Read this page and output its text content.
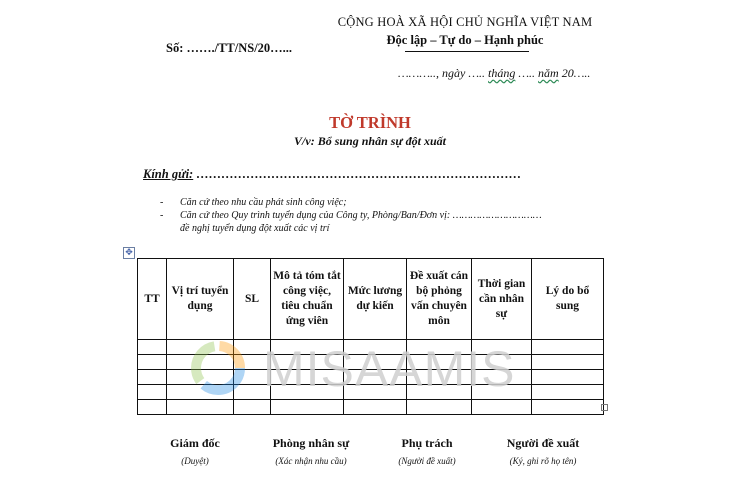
CỘNG HOÀ XÃ HỘI CHỦ NGHĨA VIỆT NAM
Độc lập – Tự do – Hạnh phúc
Số: ……./TT/NS/20…...
……….., ngày ….. tháng ….. năm 20…..
TỜ TRÌNH
V/v: Bổ sung nhân sự đột xuất
Kính gửi: ……………………………………………………………………
- Căn cứ theo nhu cầu phát sinh công việc;
- Căn cứ theo Quy trình tuyển dụng của Công ty, Phòng/Ban/Đơn vị: …………………………
đề nghị tuyển dụng đột xuất các vị trí
✥
TT	Vị trí tuyển dụng	SL	Mô tả tóm tắt công việc, tiêu chuẩn ứng viên	Mức lương dự kiến	Đề xuất cán bộ phỏng vấn chuyên môn	Thời gian cần nhân sự	Lý do bổ sung

MISAAMIS
Giám đốc
(Duyệt)
Phòng nhân sự
(Xác nhận nhu cầu)
Phụ trách
(Người đề xuất)
Người đề xuất
(Ký, ghi rõ họ tên)
